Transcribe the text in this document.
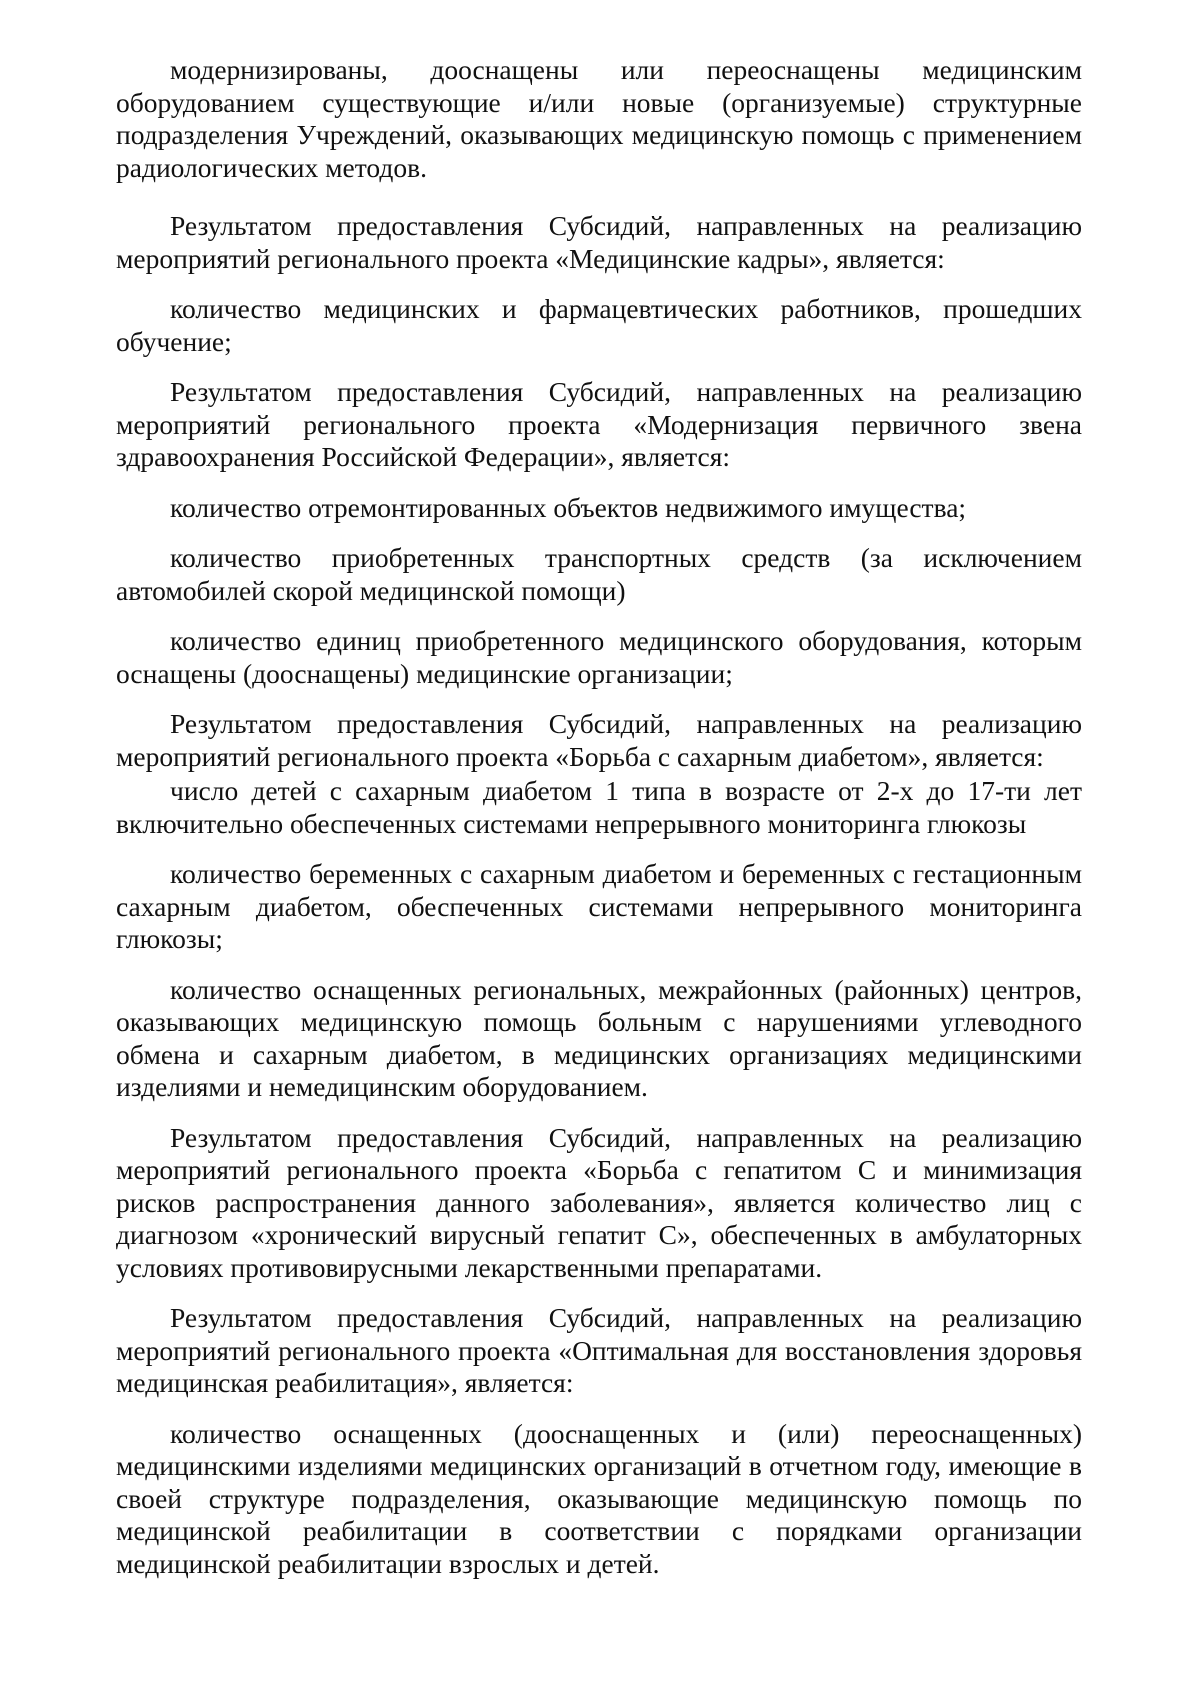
модернизированы, дооснащены или переоснащены медицинским оборудованием существующие и/или новые (организуемые) структурные подразделения Учреждений, оказывающих медицинскую помощь с применением радиологических методов.

Результатом предоставления Субсидий, направленных на реализацию мероприятий регионального проекта «Медицинские кадры», является:

количество медицинских и фармацевтических работников, прошедших обучение;

Результатом предоставления Субсидий, направленных на реализацию мероприятий регионального проекта «Модернизация первичного звена здравоохранения Российской Федерации», является:

количество отремонтированных объектов недвижимого имущества;

количество приобретенных транспортных средств (за исключением автомобилей скорой медицинской помощи)

количество единиц приобретенного медицинского оборудования, которым оснащены (дооснащены) медицинские организации;

Результатом предоставления Субсидий, направленных на реализацию мероприятий регионального проекта «Борьба с сахарным диабетом», является:

число детей с сахарным диабетом 1 типа в возрасте от 2-х до 17-ти лет включительно обеспеченных системами непрерывного мониторинга глюкозы

количество беременных с сахарным диабетом и беременных с гестационным сахарным диабетом, обеспеченных системами непрерывного мониторинга глюкозы;

количество оснащенных региональных, межрайонных (районных) центров, оказывающих медицинскую помощь больным с нарушениями углеводного обмена и сахарным диабетом, в медицинских организациях медицинскими изделиями и немедицинским оборудованием.

Результатом предоставления Субсидий, направленных на реализацию мероприятий регионального проекта «Борьба с гепатитом С и минимизация рисков распространения данного заболевания», является количество лиц с диагнозом «хронический вирусный гепатит С», обеспеченных в амбулаторных условиях противовирусными лекарственными препаратами.

Результатом предоставления Субсидий, направленных на реализацию мероприятий регионального проекта «Оптимальная для восстановления здоровья медицинская реабилитация», является:

количество оснащенных (дооснащенных и (или) переоснащенных) медицинскими изделиями медицинских организаций в отчетном году, имеющие в своей структуре подразделения, оказывающие медицинскую помощь по медицинской реабилитации в соответствии с порядками организации медицинской реабилитации взрослых и детей.
